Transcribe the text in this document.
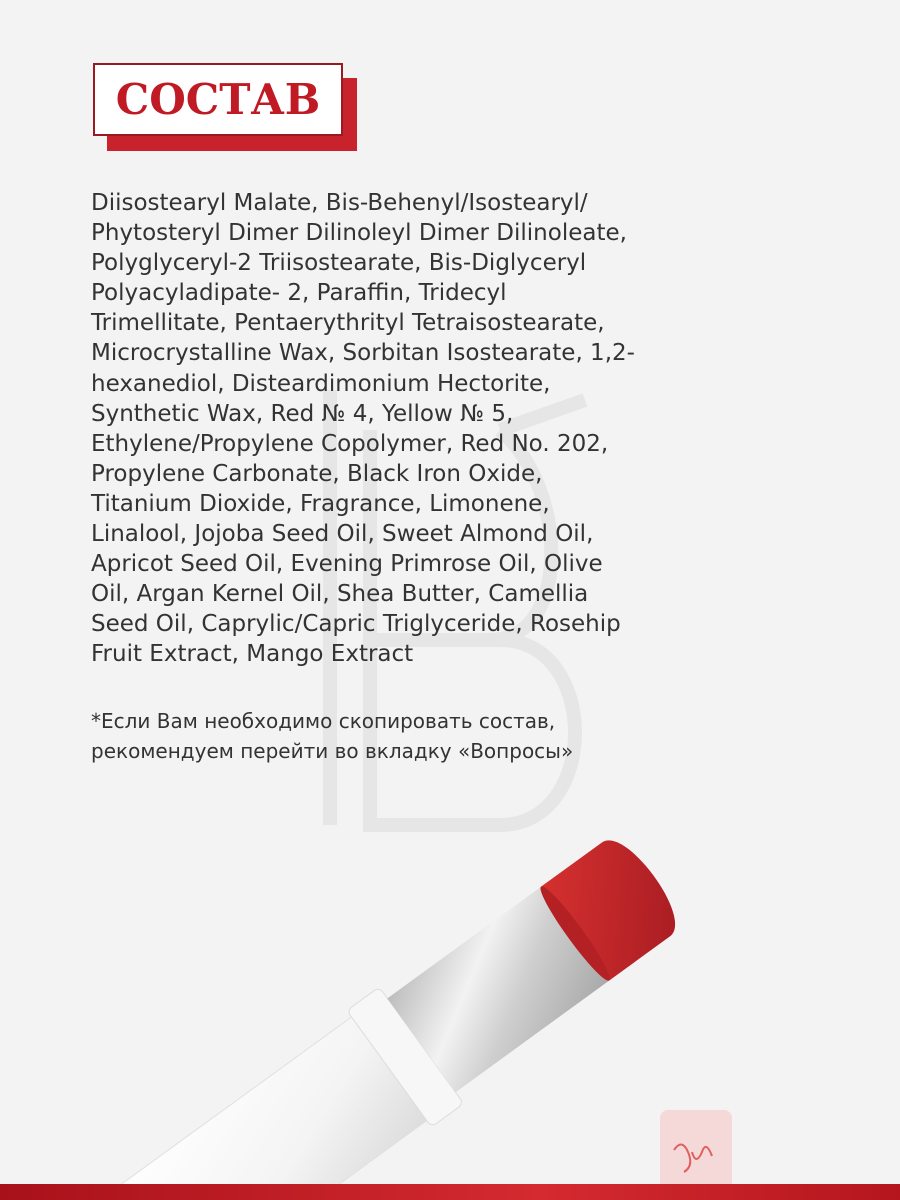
СОСТАВ

Diisostearyl Malate, Bis-Behenyl/Isostearyl/
Phytosteryl Dimer Dilinoleyl Dimer Dilinoleate,
Polyglyceryl-2 Triisostearate, Bis-Diglyceryl
Polyacyladipate- 2, Paraffin, Tridecyl
Trimellitate, Pentaerythrityl Tetraisostearate,
Microcrystalline Wax, Sorbitan Isostearate, 1,2-
hexanediol, Disteardimonium Hectorite,
Synthetic Wax, Red № 4, Yellow № 5,
Ethylene/Propylene Copolymer, Red No. 202,
Propylene Carbonate, Black Iron Oxide,
Titanium Dioxide, Fragrance, Limonene,
Linalool, Jojoba Seed Oil, Sweet Almond Oil,
Apricot Seed Oil, Evening Primrose Oil, Olive
Oil, Argan Kernel Oil, Shea Butter, Camellia
Seed Oil, Caprylic/Capric Triglyceride, Rosehip
Fruit Extract, Mango Extract

*Если Вам необходимо скопировать состав,
рекомендуем перейти во вкладку «Вопросы»
